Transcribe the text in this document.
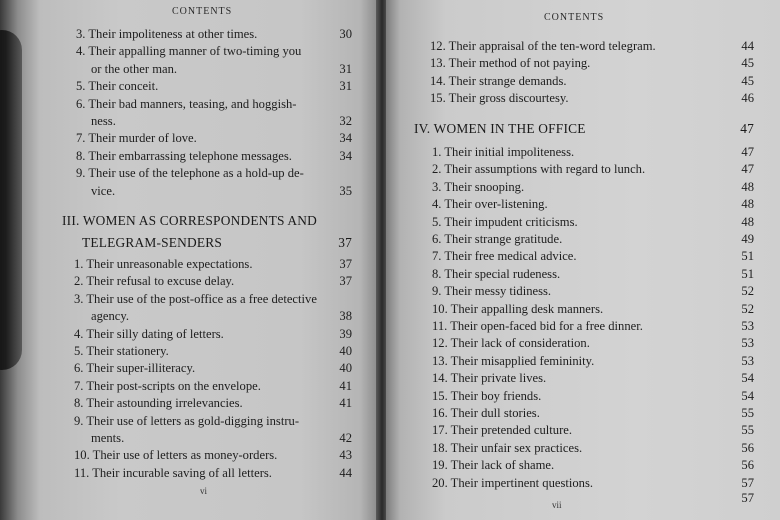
CONTENTS
3. Their impoliteness at other times.	30
4. Their appalling manner of two-timing you
or the other man.	31
5. Their conceit.	31
6. Their bad manners, teasing, and hoggish-
ness.	32
7. Their murder of love.	34
8. Their embarrassing telephone messages.	34
9. Their use of the telephone as a hold-up de-
vice.	35
III. WOMEN AS CORRESPONDENTS AND
TELEGRAM-SENDERS	37
1. Their unreasonable expectations.	37
2. Their refusal to excuse delay.	37
3. Their use of the post-office as a free detective
agency.	38
4. Their silly dating of letters.	39
5. Their stationery.	40
6. Their super-illiteracy.	40
7. Their post-scripts on the envelope.	41
8. Their astounding irrelevancies.	41
9. Their use of letters as gold-digging instru-
ments.	42
10. Their use of letters as money-orders.	43
11. Their incurable saving of all letters.	44
vi
CONTENTS
12. Their appraisal of the ten-word telegram.	44
13. Their method of not paying.	45
14. Their strange demands.	45
15. Their gross discourtesy.	46
IV. WOMEN IN THE OFFICE	47
1. Their initial impoliteness.	47
2. Their assumptions with regard to lunch.	47
3. Their snooping.	48
4. Their over-listening.	48
5. Their impudent criticisms.	48
6. Their strange gratitude.	49
7. Their free medical advice.	51
8. Their special rudeness.	51
9. Their messy tidiness.	52
10. Their appalling desk manners.	52
11. Their open-faced bid for a free dinner.	53
12. Their lack of consideration.	53
13. Their misapplied femininity.	53
14. Their private lives.	54
15. Their boy friends.	54
16. Their dull stories.	55
17. Their pretended culture.	55
18. Their unfair sex practices.	56
19. Their lack of shame.	56
20. Their impertinent questions.	57
57
vii
